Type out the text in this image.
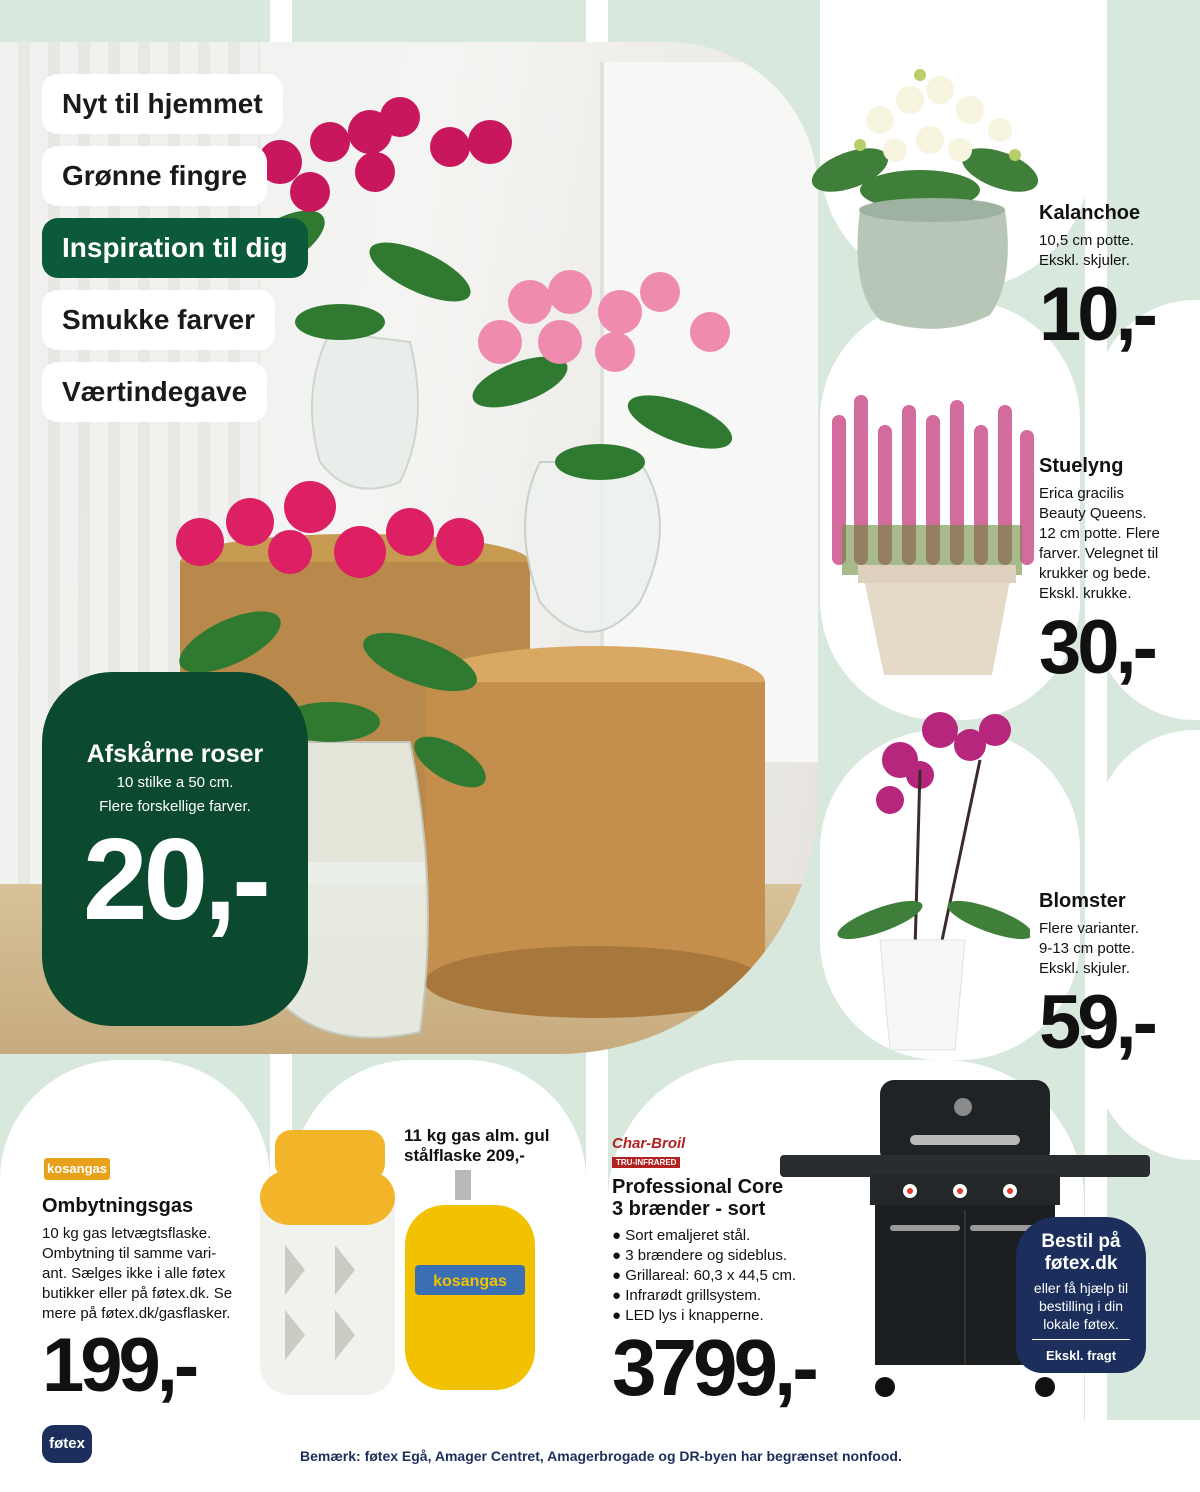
Nyt til hjemmet
Grønne fingre
Inspiration til dig
Smukke farver
Værtindegave
Afskårne roser
10 stilke a 50 cm.
Flere forskellige farver.
20,-
Kalanchoe
10,5 cm potte.
Ekskl. skjuler.
10,-
Stuelyng
Erica gracilis
Beauty Queens.
12 cm potte. Flere
farver. Velegnet til
krukker og bede.
Ekskl. krukke.
30,-
Blomster
Flere varianter.
9-13 cm potte.
Ekskl. skjuler.
59,-
kosangas
Ombytningsgas
10 kg gas letvægtsflaske.
Ombytning til samme vari-
ant. Sælges ikke i alle føtex
butikker eller på føtex.dk. Se
mere på føtex.dk/gasflasker.
199,-
11 kg gas alm. gul
stålflaske 209,-
kosangas
Char-Broil
TRU-INFRARED
Professional Core
3 brænder - sort
● Sort emaljeret stål.
● 3 brændere og sideblus.
● Grillareal: 60,3 x 44,5 cm.
● Infrarødt grillsystem.
● LED lys i knapperne.
3799,-
Bestil på
føtex.dk
eller få hjælp til
bestilling i din
lokale føtex.
Ekskl. fragt
føtex
Bemærk: føtex Egå, Amager Centret, Amagerbrogade og DR-byen har begrænset nonfood.
